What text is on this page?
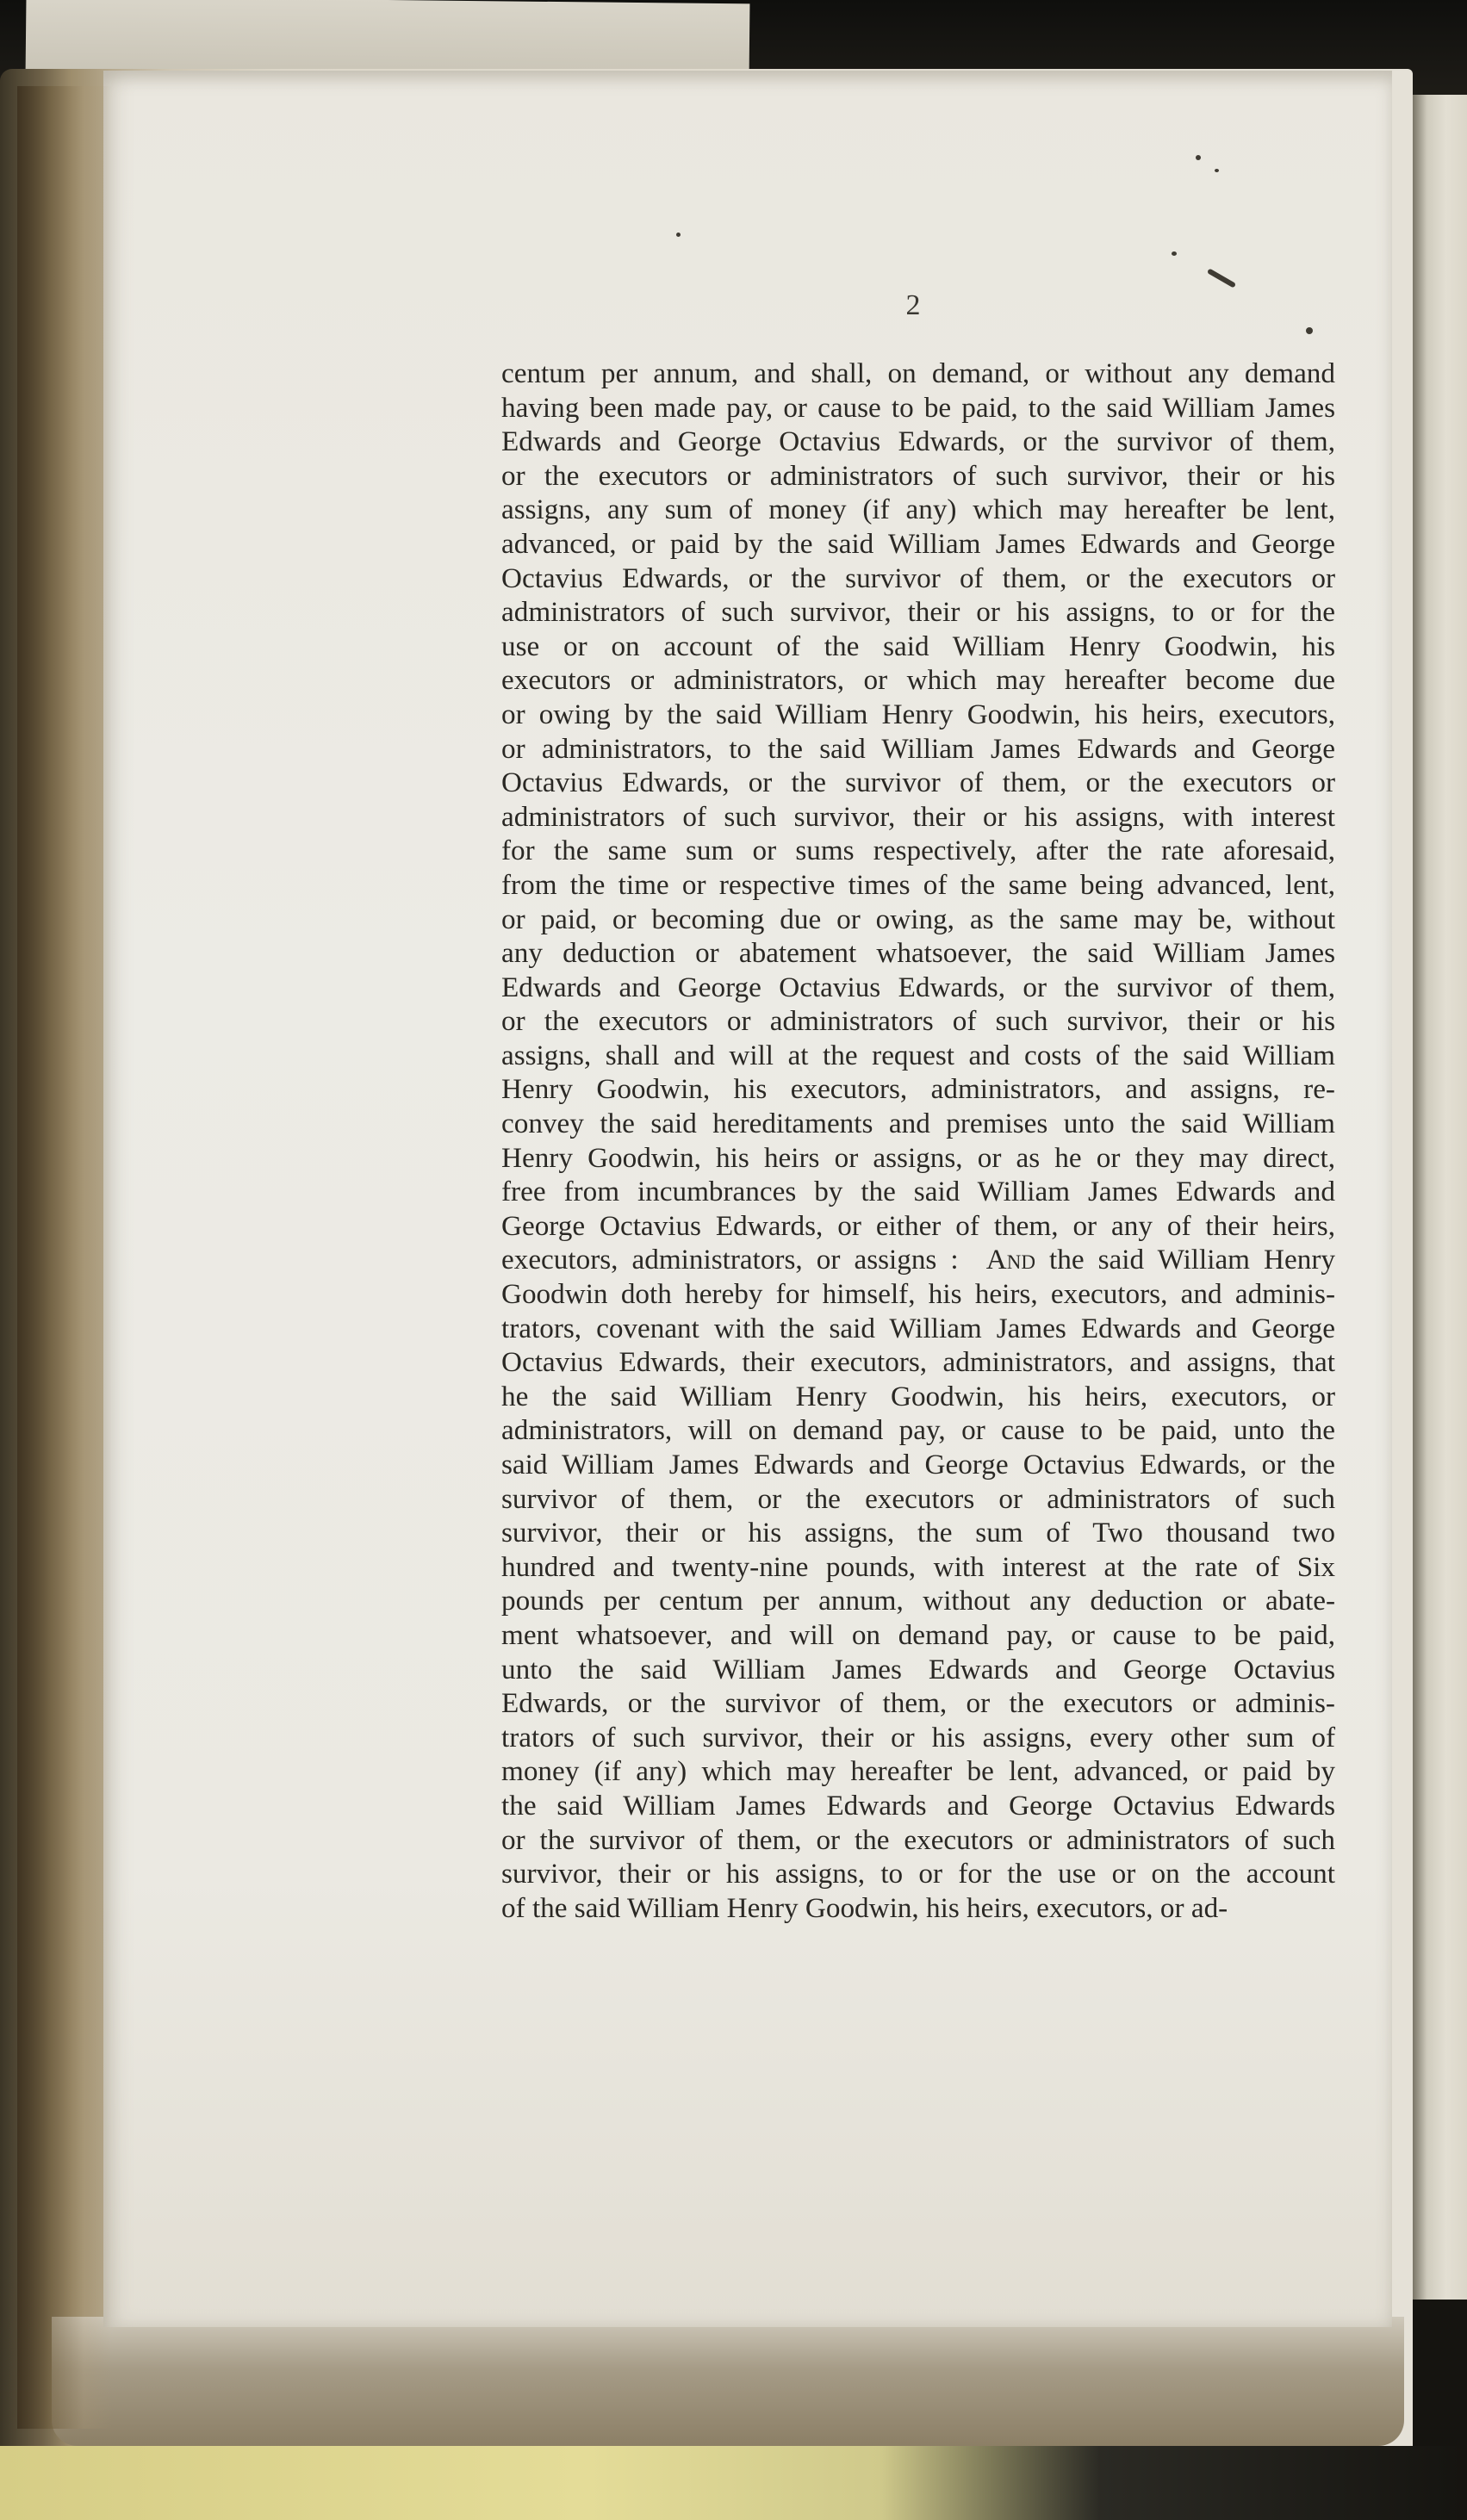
2
centum per annum, and shall, on demand, or without any demand
having been made pay, or cause to be paid, to the said William James
Edwards and George Octavius Edwards, or the survivor of them,
or the executors or administrators of such survivor, their or his
assigns, any sum of money (if any) which may hereafter be lent,
advanced, or paid by the said William James Edwards and George
Octavius Edwards, or the survivor of them, or the executors or
administrators of such survivor, their or his assigns, to or for the
use or on account of the said William Henry Goodwin, his
executors or administrators, or which may hereafter become due
or owing by the said William Henry Goodwin, his heirs, executors,
or administrators, to the said William James Edwards and George
Octavius Edwards, or the survivor of them, or the executors or
administrators of such survivor, their or his assigns, with interest
for the same sum or sums respectively, after the rate aforesaid,
from the time or respective times of the same being advanced, lent,
or paid, or becoming due or owing, as the same may be, without
any deduction or abatement whatsoever, the said William James
Edwards and George Octavius Edwards, or the survivor of them,
or the executors or administrators of such survivor, their or his
assigns, shall and will at the request and costs of the said William
Henry Goodwin, his executors, administrators, and assigns, re-
convey the said hereditaments and premises unto the said William
Henry Goodwin, his heirs or assigns, or as he or they may direct,
free from incumbrances by the said William James Edwards and
George Octavius Edwards, or either of them, or any of their heirs,
executors, administrators, or assigns : And the said William Henry
Goodwin doth hereby for himself, his heirs, executors, and adminis-
trators, covenant with the said William James Edwards and George
Octavius Edwards, their executors, administrators, and assigns, that
he the said William Henry Goodwin, his heirs, executors, or
administrators, will on demand pay, or cause to be paid, unto the
said William James Edwards and George Octavius Edwards, or the
survivor of them, or the executors or administrators of such
survivor, their or his assigns, the sum of Two thousand two
hundred and twenty-nine pounds, with interest at the rate of Six
pounds per centum per annum, without any deduction or abate-
ment whatsoever, and will on demand pay, or cause to be paid,
unto the said William James Edwards and George Octavius
Edwards, or the survivor of them, or the executors or adminis-
trators of such survivor, their or his assigns, every other sum of
money (if any) which may hereafter be lent, advanced, or paid by
the said William James Edwards and George Octavius Edwards
or the survivor of them, or the executors or administrators of such
survivor, their or his assigns, to or for the use or on the account
of the said William Henry Goodwin, his heirs, executors, or ad-
